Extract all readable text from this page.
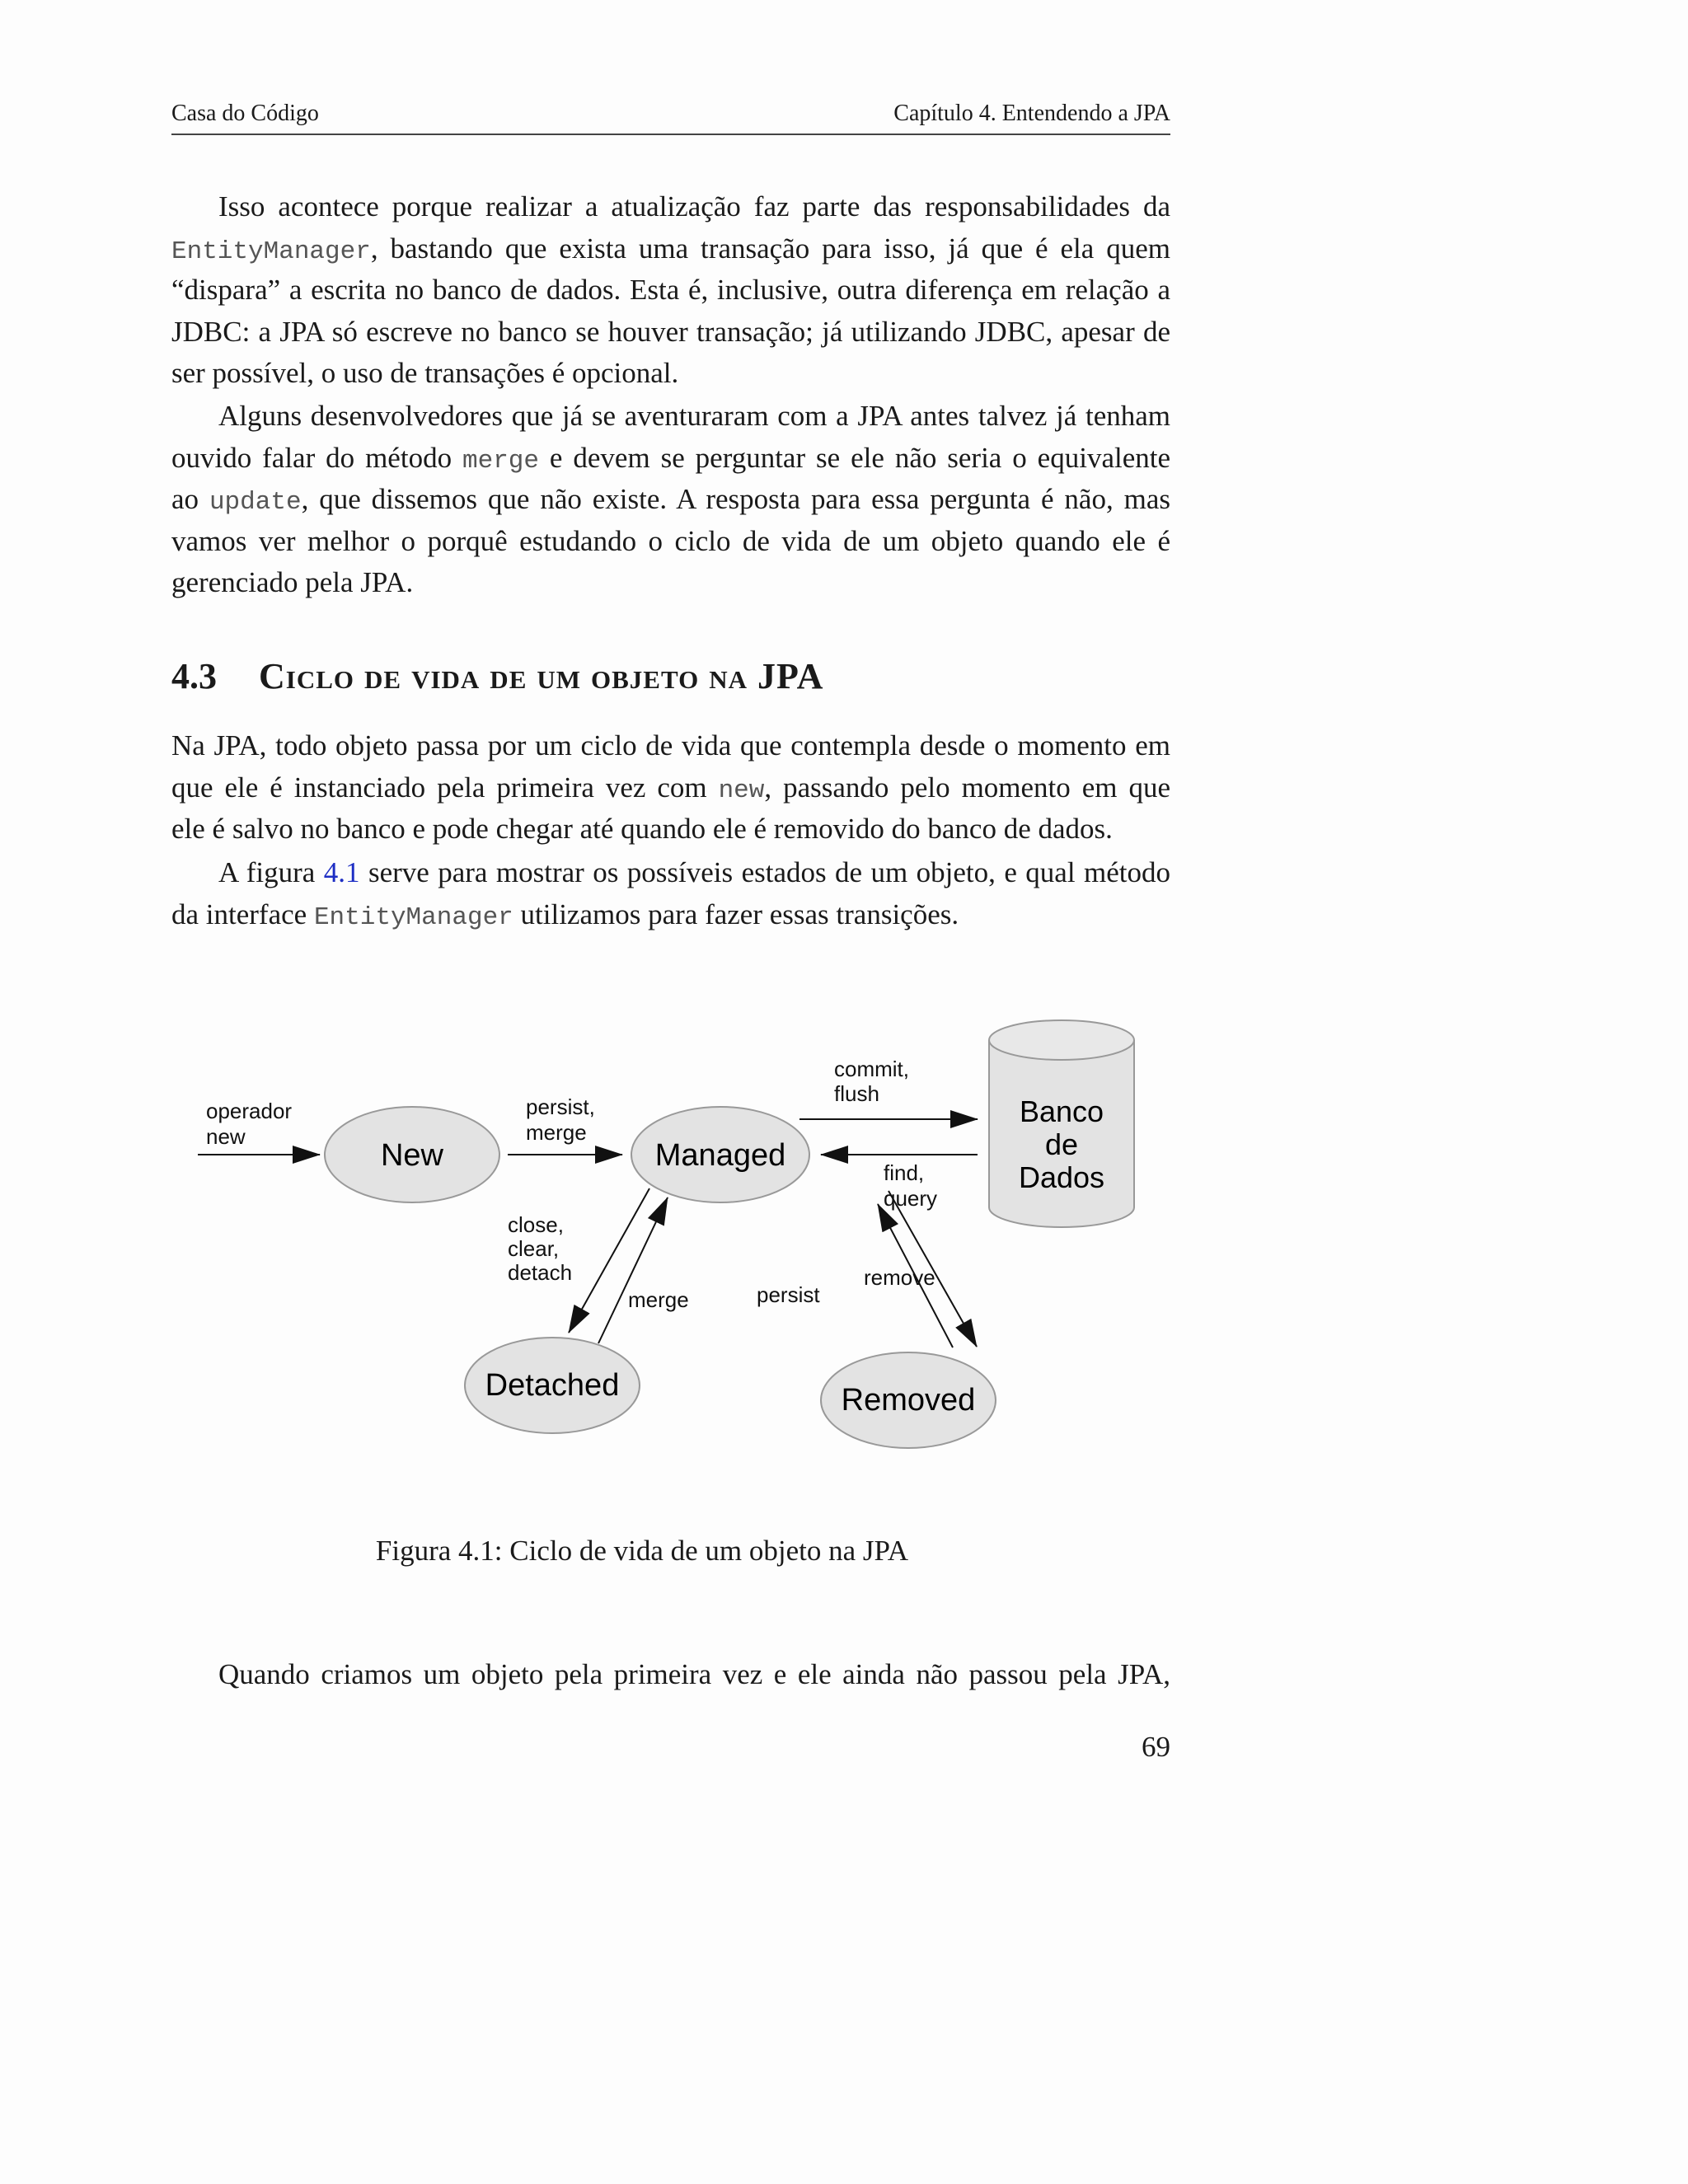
Casa do Código	Capítulo 4. Entendendo a JPA
Isso acontece porque realizar a atualização faz parte das responsabilidades da
EntityManager, bastando que exista uma transação para isso, já que é ela quem
“dispara” a escrita no banco de dados. Esta é, inclusive, outra diferença em relação a
JDBC: a JPA só escreve no banco se houver transação; já utilizando JDBC, apesar de
ser possível, o uso de transações é opcional.
Alguns desenvolvedores que já se aventuraram com a JPA antes talvez já tenham
ouvido falar do método merge e devem se perguntar se ele não seria o equivalente
ao update, que dissemos que não existe. A resposta para essa pergunta é não, mas
vamos ver melhor o porquê estudando o ciclo de vida de um objeto quando ele é
gerenciado pela JPA.
4.3 Ciclo de vida de um objeto na JPA
Na JPA, todo objeto passa por um ciclo de vida que contempla desde o momento em
que ele é instanciado pela primeira vez com new, passando pelo momento em que
ele é salvo no banco e pode chegar até quando ele é removido do banco de dados.
A figura 4.1 serve para mostrar os possíveis estados de um objeto, e qual método
da interface EntityManager utilizamos para fazer essas transições.
New	Managed
Detached	Removed
Banco
de
Dados
operador
new
persist,
merge
commit,
flush
find,
query
close,
clear,
detach
merge	persist
remove

Figura 4.1: Ciclo de vida de um objeto na JPA

Quando criamos um objeto pela primeira vez e ele ainda não passou pela JPA,
69
